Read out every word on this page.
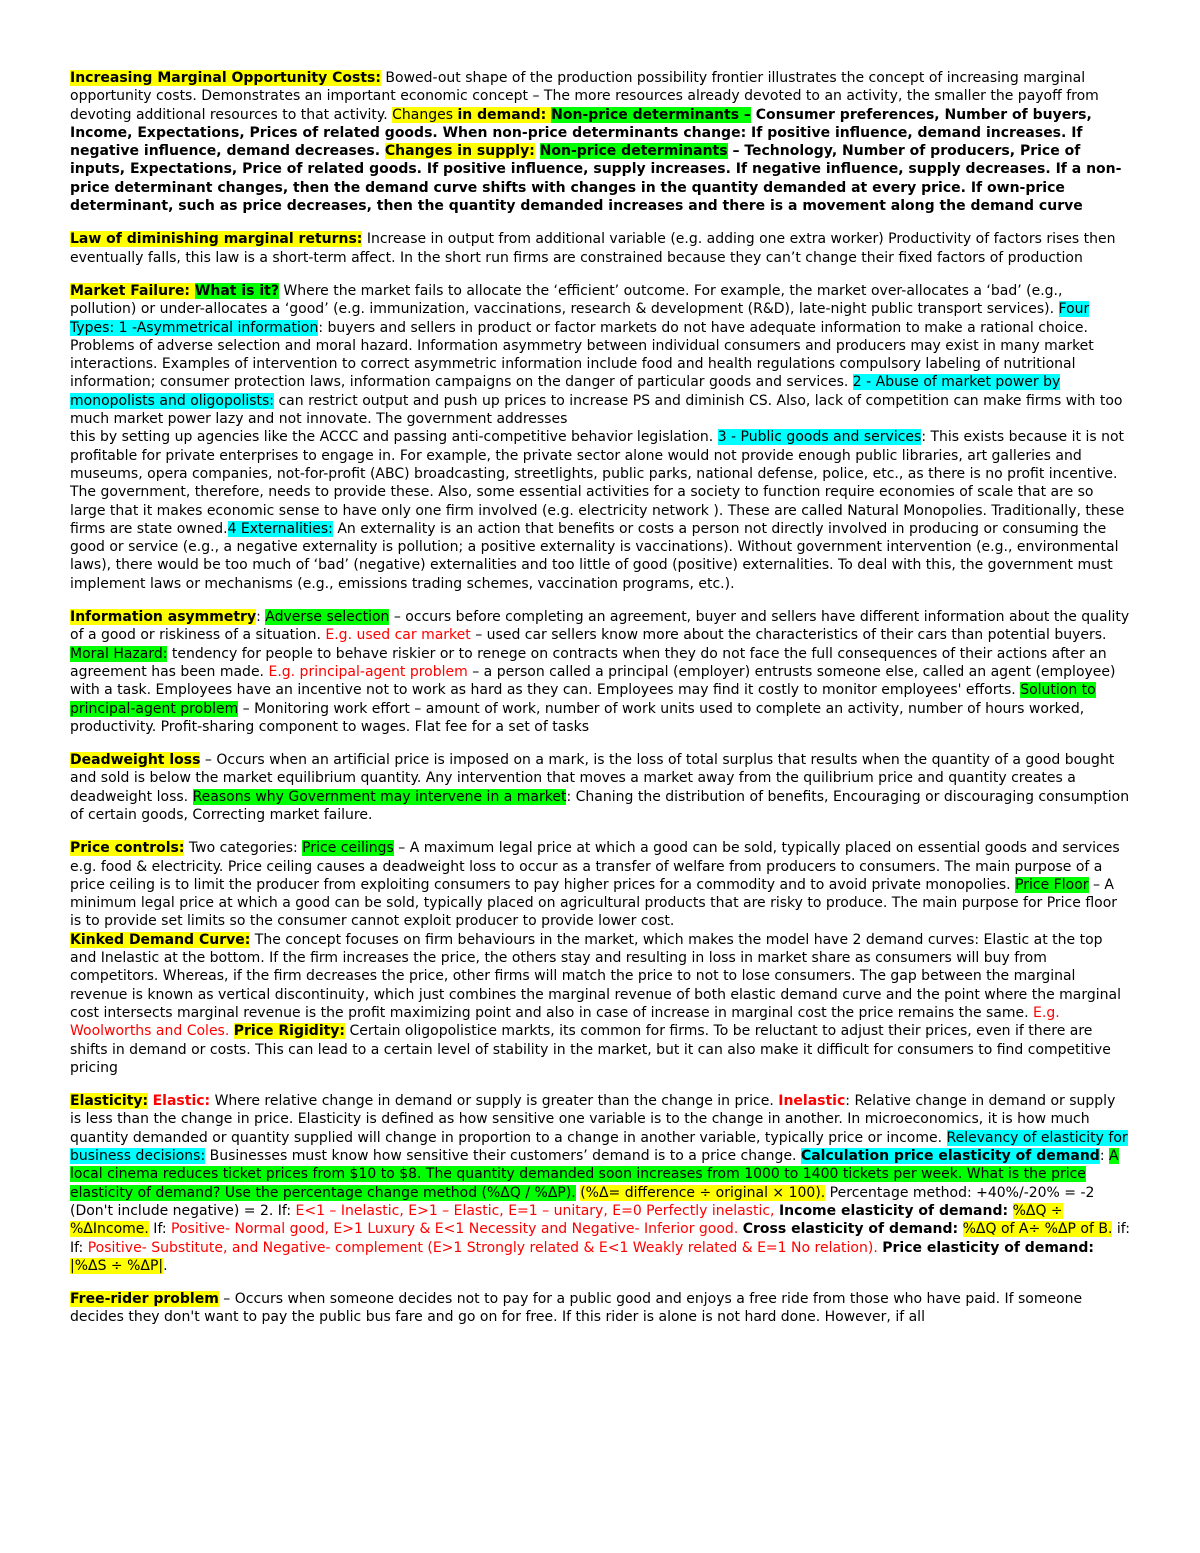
Increasing Marginal Opportunity Costs: Bowed-out shape of the production possibility frontier illustrates the concept of increasing marginal opportunity costs. Demonstrates an important economic concept – The more resources already devoted to an activity, the smaller the payoff from devoting additional resources to that activity. Changes in demand: Non-price determinants – Consumer preferences, Number of buyers, Income, Expectations, Prices of related goods. When non-price determinants change: If positive influence, demand increases. If negative influence, demand decreases. Changes in supply: Non-price determinants – Technology, Number of producers, Price of inputs, Expectations, Price of related goods. If positive influence, supply increases. If negative influence, supply decreases. If a non-price determinant changes, then the demand curve shifts with changes in the quantity demanded at every price. If own-price determinant, such as price decreases, then the quantity demanded increases and there is a movement along the demand curve

Law of diminishing marginal returns: Increase in output from additional variable (e.g. adding one extra worker) Productivity of factors rises then eventually falls, this law is a short-term affect. In the short run firms are constrained because they can’t change their fixed factors of production

Market Failure: What is it? Where the market fails to allocate the ‘efficient’ outcome. For example, the market over-allocates a ‘bad’ (e.g., pollution) or under-allocates a ‘good’ (e.g. immunization, vaccinations, research & development (R&D), late-night public transport services). Four Types: 1 -Asymmetrical information: buyers and sellers in product or factor markets do not have adequate information to make a rational choice. Problems of adverse selection and moral hazard. Information asymmetry between individual consumers and producers may exist in many market interactions. Examples of intervention to correct asymmetric information include food and health regulations compulsory labeling of nutritional information; consumer protection laws, information campaigns on the danger of particular goods and services. 2 - Abuse of market power by monopolists and oligopolists: can restrict output and push up prices to increase PS and diminish CS. Also, lack of competition can make firms with too much market power lazy and not innovate. The government addresses

this by setting up agencies like the ACCC and passing anti-competitive behavior legislation. 3 - Public goods and services: This exists because it is not profitable for private enterprises to engage in. For example, the private sector alone would not provide enough public libraries, art galleries and museums, opera companies, not-for-profit (ABC) broadcasting, streetlights, public parks, national defense, police, etc., as there is no profit incentive. The government, therefore, needs to provide these. Also, some essential activities for a society to function require economies of scale that are so large that it makes economic sense to have only one firm involved (e.g. electricity network ). These are called Natural Monopolies. Traditionally, these firms are state owned.4 Externalities: An externality is an action that benefits or costs a person not directly involved in producing or consuming the good or service (e.g., a negative externality is pollution; a positive externality is vaccinations). Without government intervention (e.g., environmental laws), there would be too much of ‘bad’ (negative) externalities and too little of good (positive) externalities. To deal with this, the government must implement laws or mechanisms (e.g., emissions trading schemes, vaccination programs, etc.).

Information asymmetry: Adverse selection – occurs before completing an agreement, buyer and sellers have different information about the quality of a good or riskiness of a situation. E.g. used car market – used car sellers know more about the characteristics of their cars than potential buyers. Moral Hazard: tendency for people to behave riskier or to renege on contracts when they do not face the full consequences of their actions after an agreement has been made. E.g. principal-agent problem – a person called a principal (employer) entrusts someone else, called an agent (employee) with a task. Employees have an incentive not to work as hard as they can. Employees may find it costly to monitor employees' efforts. Solution to principal-agent problem – Monitoring work effort – amount of work, number of work units used to complete an activity, number of hours worked, productivity. Profit-sharing component to wages. Flat fee for a set of tasks

Deadweight loss – Occurs when an artificial price is imposed on a mark, is the loss of total surplus that results when the quantity of a good bought and sold is below the market equilibrium quantity. Any intervention that moves a market away from the quilibrium price and quantity creates a deadweight loss. Reasons why Government may intervene in a market: Chaning the distribution of benefits, Encouraging or discouraging consumption of certain goods, Correcting market failure.

Price controls: Two categories: Price ceilings – A maximum legal price at which a good can be sold, typically placed on essential goods and services e.g. food & electricity. Price ceiling causes a deadweight loss to occur as a transfer of welfare from producers to consumers. The main purpose of a price ceiling is to limit the producer from exploiting consumers to pay higher prices for a commodity and to avoid private monopolies. Price Floor – A minimum legal price at which a good can be sold, typically placed on agricultural products that are risky to produce. The main purpose for Price floor is to provide set limits so the consumer cannot exploit producer to provide lower cost.

Kinked Demand Curve: The concept focuses on firm behaviours in the market, which makes the model have 2 demand curves: Elastic at the top and Inelastic at the bottom. If the firm increases the price, the others stay and resulting in loss in market share as consumers will buy from competitors. Whereas, if the firm decreases the price, other firms will match the price to not to lose consumers. The gap between the marginal revenue is known as vertical discontinuity, which just combines the marginal revenue of both elastic demand curve and the point where the marginal cost intersects marginal revenue is the profit maximizing point and also in case of increase in marginal cost the price remains the same. E.g. Woolworths and Coles. Price Rigidity: Certain oligopolistice markts, its common for firms. To be reluctant to adjust their prices, even if there are shifts in demand or costs. This can lead to a certain level of stability in the market, but it can also make it difficult for consumers to find competitive pricing

Elasticity: Elastic: Where relative change in demand or supply is greater than the change in price. Inelastic: Relative change in demand or supply is less than the change in price. Elasticity is defined as how sensitive one variable is to the change in another. In microeconomics, it is how much quantity demanded or quantity supplied will change in proportion to a change in another variable, typically price or income. Relevancy of elasticity for business decisions: Businesses must know how sensitive their customers’ demand is to a price change. Calculation price elasticity of demand: A local cinema reduces ticket prices from $10 to $8. The quantity demanded soon increases from 1000 to 1400 tickets per week. What is the price elasticity of demand? Use the percentage change method (%ΔQ / %ΔP). (%Δ= difference ÷ original × 100). Percentage method: +40%/-20% = -2 (Don't include negative) = 2. If: E<1 – Inelastic, E>1 – Elastic, E=1 – unitary, E=0 Perfectly inelastic, Income elasticity of demand: %ΔQ ÷ %ΔIncome. If: Positive- Normal good, E>1 Luxury & E<1 Necessity and Negative- Inferior good. Cross elasticity of demand: %ΔQ of A÷ %ΔP of B. if: If: Positive- Substitute, and Negative- complement (E>1 Strongly related & E<1 Weakly related & E=1 No relation). Price elasticity of demand: |%ΔS ÷ %ΔP|.

Free-rider problem – Occurs when someone decides not to pay for a public good and enjoys a free ride from those who have paid. If someone decides they don't want to pay the public bus fare and go on for free. If this rider is alone is not hard done. However, if all
